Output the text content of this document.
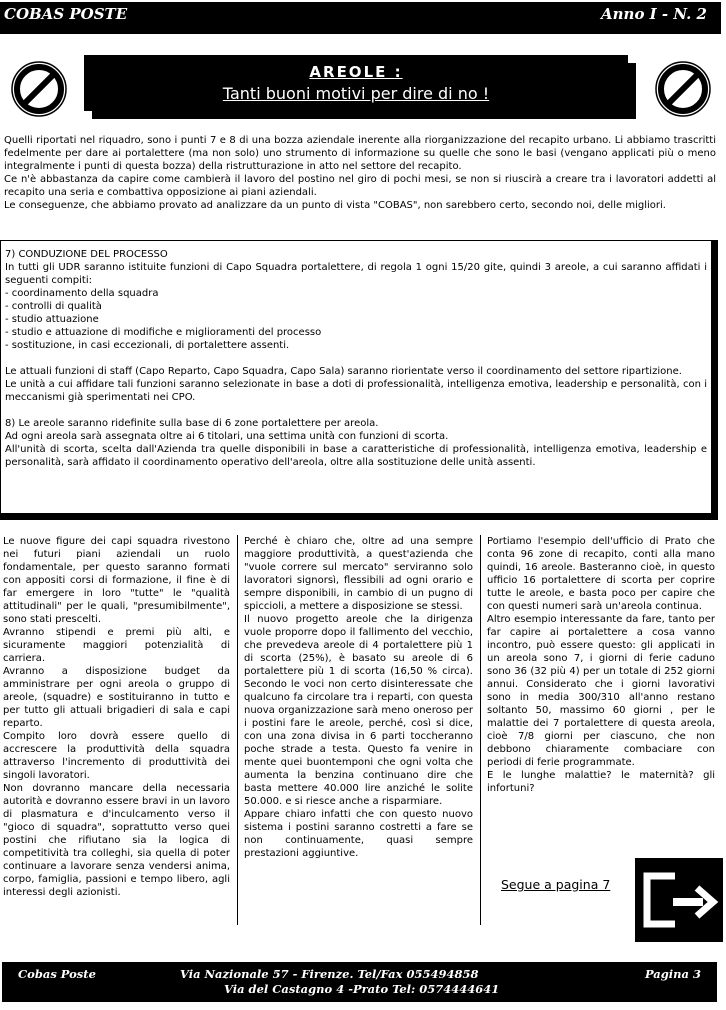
COBAS POSTE	Anno I - N. 2
AREOLE :
Tanti buoni motivi per dire di no !

Quelli riportati nel riquadro, sono i punti 7 e 8 di una bozza aziendale inerente alla riorganizzazione del recapito urbano. Li abbiamo trascritti fedelmente per dare ai portalettere (ma non solo) uno strumento di informazione su quelle che sono le basi (vengano applicati più o meno integralmente i punti di questa bozza) della ristrutturazione in atto nel settore del recapito.

Ce n'è abbastanza da capire come cambierà il lavoro del postino nel giro di pochi mesi, se non si riuscirà a creare tra i lavoratori addetti al recapito una seria e combattiva opposizione ai piani aziendali.

Le conseguenze, che abbiamo provato ad analizzare da un punto di vista "COBAS", non sarebbero certo, secondo noi, delle migliori.

7) CONDUZIONE DEL PROCESSO
In tutti gli UDR saranno istituite funzioni di Capo Squadra portalettere, di regola 1 ogni 15/20 gite, quindi 3 areole, a cui saranno affidati i seguenti compiti:
- coordinamento della squadra
- controlli di qualità
- studio attuazione
- studio e attuazione di modifiche e miglioramenti del processo
- sostituzione, in casi eccezionali, di portalettere assenti.
Le attuali funzioni di staff (Capo Reparto, Capo Squadra, Capo Sala) saranno riorientate verso il coordinamento del settore ripartizione.
Le unità a cui affidare tali funzioni saranno selezionate in base a doti di professionalità, intelligenza emotiva, leadership e personalità, con i meccanismi già sperimentati nei CPO.
8) Le areole saranno ridefinite sulla base di 6 zone portalettere per areola.
Ad ogni areola sarà assegnata oltre ai 6 titolari, una settima unità con funzioni di scorta.
All'unità di scorta, scelta dall'Azienda tra quelle disponibili in base a caratteristiche di professionalità, intelligenza emotiva, leadership e personalità, sarà affidato il coordinamento operativo dell'areola, oltre alla sostituzione delle unità assenti.

Le nuove figure dei capi squadra rivestono nei futuri piani aziendali un ruolo fondamentale, per questo saranno formati con appositi corsi di formazione, il fine è di far emergere in loro "tutte" le "qualità attitudinali" per le quali, "presumibilmente", sono stati prescelti.

Avranno stipendi e premi più alti, e sicuramente maggiori potenzialità di carriera.

Avranno a disposizione budget da amministrare per ogni areola o gruppo di areole, (squadre) e sostituiranno in tutto e per tutto gli attuali brigadieri di sala e capi reparto.

Compito loro dovrà essere quello di accrescere la produttività della squadra attraverso l'incremento di produttività dei singoli lavoratori.

Non dovranno mancare della necessaria autorità e dovranno essere bravi in un lavoro di plasmatura e d'inculcamento verso il "gioco di squadra", soprattutto verso quei postini che rifiutano sia la logica di competitività tra colleghi, sia quella di poter continuare a lavorare senza vendersi anima, corpo, famiglia, passioni e tempo libero, agli interessi degli azionisti.

Perché è chiaro che, oltre ad una sempre maggiore produttività, a quest'azienda che "vuole correre sul mercato" serviranno solo lavoratori signorsì, flessibili ad ogni orario e sempre disponibili, in cambio di un pugno di spiccioli, a mettere a disposizione se stessi.

Il nuovo progetto areole che la dirigenza vuole proporre dopo il fallimento del vecchio, che prevedeva areole di 4 portalettere più 1 di scorta (25%), è basato su areole di 6 portalettere più 1 di scorta (16,50 % circa). Secondo le voci non certo disinteressate che qualcuno fa circolare tra i reparti, con questa nuova organizzazione sarà meno oneroso per i postini fare le areole, perché, così si dice, con una zona divisa in 6 parti toccheranno poche strade a testa. Questo fa venire in mente quei buontemponi che ogni volta che aumenta la benzina continuano dire che basta mettere 40.000 lire anziché le solite 50.000. e si riesce anche a risparmiare.

Appare chiaro infatti che con questo nuovo sistema i postini saranno costretti a fare se non continuamente, quasi sempre prestazioni aggiuntive.

Portiamo l'esempio dell'ufficio di Prato che conta 96 zone di recapito, conti alla mano quindi, 16 areole. Basteranno cioè, in questo ufficio 16 portalettere di scorta per coprire tutte le areole, e basta poco per capire che con questi numeri sarà un'areola continua.

Altro esempio interessante da fare, tanto per far capire ai portalettere a cosa vanno incontro, può essere questo: gli applicati in un areola sono 7, i giorni di ferie caduno sono 36 (32 più 4) per un totale di 252 giorni annui. Considerato che i giorni lavorativi sono in media 300/310 all'anno restano soltanto 50, massimo 60 giorni , per le malattie dei 7 portalettere di questa areola, cioè 7/8 giorni per ciascuno, che non debbono chiaramente combaciare con periodi di ferie programmate.

E le lunghe malattie? le maternità? gli infortuni?

Segue a pagina 7
Cobas Poste	Via Nazionale 57 - Firenze. Tel/Fax 055494858
Via del Castagno 4 -Prato Tel: 0574444641
Pagina 3
